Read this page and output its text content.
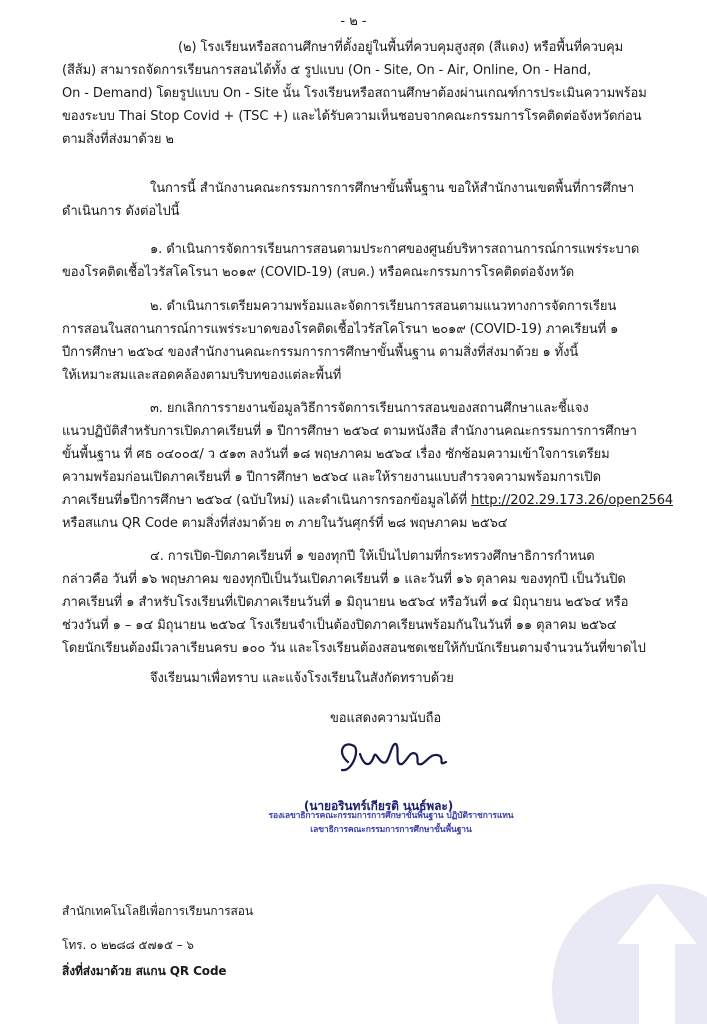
- ๒ -
(๒) โรงเรียนหรือสถานศึกษาที่ตั้งอยู่ในพื้นที่ควบคุมสูงสุด (สีแดง) หรือพื้นที่ควบคุม
(สีส้ม) สามารถจัดการเรียนการสอนได้ทั้ง ๕ รูปแบบ (On - Site, On - Air, Online, On - Hand,
On - Demand) โดยรูปแบบ On - Site นั้น โรงเรียนหรือสถานศึกษาต้องผ่านเกณฑ์การประเมินความพร้อม
ของระบบ Thai Stop Covid + (TSC +) และได้รับความเห็นชอบจากคณะกรรมการโรคติดต่อจังหวัดก่อน
ตามสิ่งที่ส่งมาด้วย ๒
ในการนี้ สำนักงานคณะกรรมการการศึกษาขั้นพื้นฐาน ขอให้สำนักงานเขตพื้นที่การศึกษา
ดำเนินการ ดังต่อไปนี้
๑. ดำเนินการจัดการเรียนการสอนตามประกาศของศูนย์บริหารสถานการณ์การแพร่ระบาด
ของโรคติดเชื้อไวรัสโคโรนา ๒๐๑๙ (COVID-19) (สบค.) หรือคณะกรรมการโรคติดต่อจังหวัด
๒. ดำเนินการเตรียมความพร้อมและจัดการเรียนการสอนตามแนวทางการจัดการเรียน
การสอนในสถานการณ์การแพร่ระบาดของโรคติดเชื้อไวรัสโคโรนา ๒๐๑๙ (COVID-19) ภาคเรียนที่ ๑
ปีการศึกษา ๒๕๖๔ ของสำนักงานคณะกรรมการการศึกษาขั้นพื้นฐาน ตามสิ่งที่ส่งมาด้วย ๑ ทั้งนี้
ให้เหมาะสมและสอดคล้องตามบริบทของแต่ละพื้นที่
๓. ยกเลิกการรายงานข้อมูลวิธีการจัดการเรียนการสอนของสถานศึกษาและชี้แจง
แนวปฏิบัติสำหรับการเปิดภาคเรียนที่ ๑ ปีการศึกษา ๒๕๖๔ ตามหนังสือ สำนักงานคณะกรรมการการศึกษา
ขั้นพื้นฐาน ที่ ศธ ๐๔๐๐๕/ ว ๕๑๓ ลงวันที่ ๑๘ พฤษภาคม ๒๕๖๔ เรื่อง ซักซ้อมความเข้าใจการเตรียม
ความพร้อมก่อนเปิดภาคเรียนที่ ๑ ปีการศึกษา ๒๕๖๔ และให้รายงานแบบสำรวจความพร้อมการเปิด
ภาคเรียนที่๑ปีการศึกษา ๒๕๖๔ (ฉบับใหม่) และดำเนินการกรอกข้อมูลได้ที่ http://202.29.173.26/open2564
หรือสแกน QR Code ตามสิ่งที่ส่งมาด้วย ๓ ภายในวันศุกร์ที่ ๒๘ พฤษภาคม ๒๕๖๔
๔. การเปิด-ปิดภาคเรียนที่ ๑ ของทุกปี ให้เป็นไปตามที่กระทรวงศึกษาธิการกำหนด
กล่าวคือ วันที่ ๑๖ พฤษภาคม ของทุกปีเป็นวันเปิดภาคเรียนที่ ๑ และวันที่ ๑๖ ตุลาคม ของทุกปี เป็นวันปิด
ภาคเรียนที่ ๑ สำหรับโรงเรียนที่เปิดภาคเรียนวันที่ ๑ มิถุนายน ๒๕๖๔ หรือวันที่ ๑๔ มิถุนายน ๒๕๖๔ หรือ
ช่วงวันที่ ๑ – ๑๔ มิถุนายน ๒๕๖๔ โรงเรียนจำเป็นต้องปิดภาคเรียนพร้อมกันในวันที่ ๑๑ ตุลาคม ๒๕๖๔
โดยนักเรียนต้องมีเวลาเรียนครบ ๑๐๐ วัน และโรงเรียนต้องสอนชดเชยให้กับนักเรียนตามจำนวนวันที่ขาดไป
จึงเรียนมาเพื่อทราบ และแจ้งโรงเรียนในสังกัดทราบด้วย
ขอแสดงความนับถือ
(นายอรินทร์เกียรติ นนธ์พละ)
รองเลขาธิการคณะกรรมการการศึกษาขั้นพื้นฐาน ปฏิบัติราชการแทน
เลขาธิการคณะกรรมการการศึกษาขั้นพื้นฐาน
สำนักเทคโนโลยีเพื่อการเรียนการสอน
โทร. ๐ ๒๒๘๘ ๕๗๑๕ – ๖
สิ่งที่ส่งมาด้วย สแกน QR Code
